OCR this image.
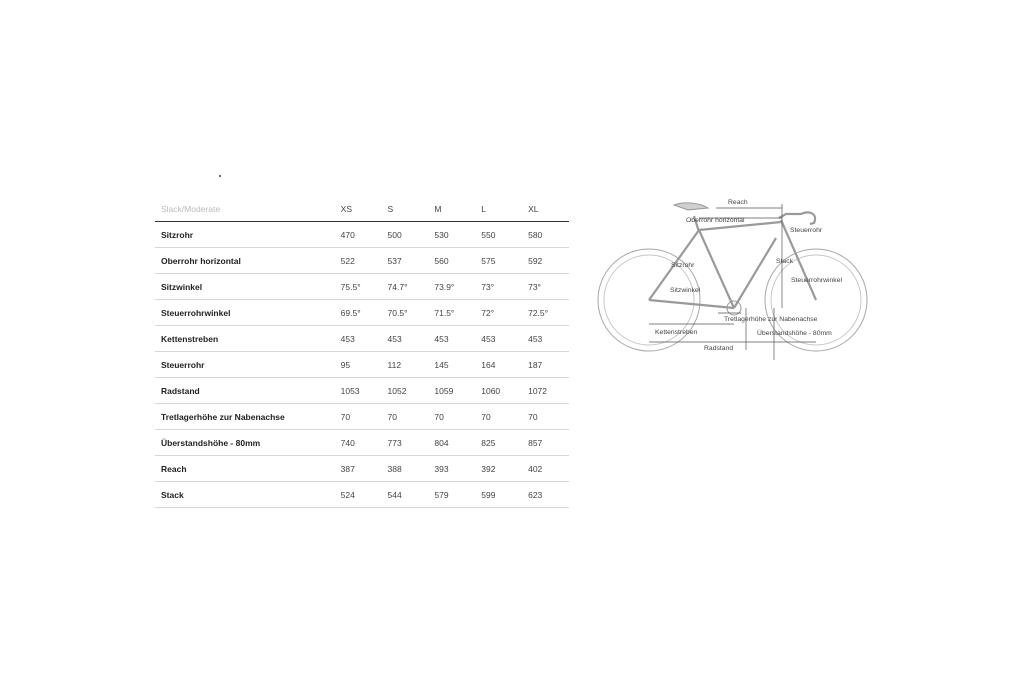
Slack/Moderate	XS	S	M	L	XL
Sitzrohr	470	500	530	550	580
Oberrohr horizontal	522	537	560	575	592
Sitzwinkel	75.5°	74.7°	73.9°	73°	73°
Steuerrohrwinkel	69.5°	70.5°	71.5°	72°	72.5°
Kettenstreben	453	453	453	453	453
Steuerrohr	95	112	145	164	187
Radstand	1053	1052	1059	1060	1072
Tretlagerhöhe zur Nabenachse	70	70	70	70	70
Überstandshöhe - 80mm	740	773	804	825	857
Reach	387	388	393	392	402
Stack	524	544	579	599	623
Reach
Oberrohr horizontal
Steuerrohr
Sitzrohr
Stack
Sitzwinkel
Steuerrohrwinkel
Tretlagerhöhe zur Nabenachse
Kettenstreben	Überstandshöhe - 80mm
Radstand
